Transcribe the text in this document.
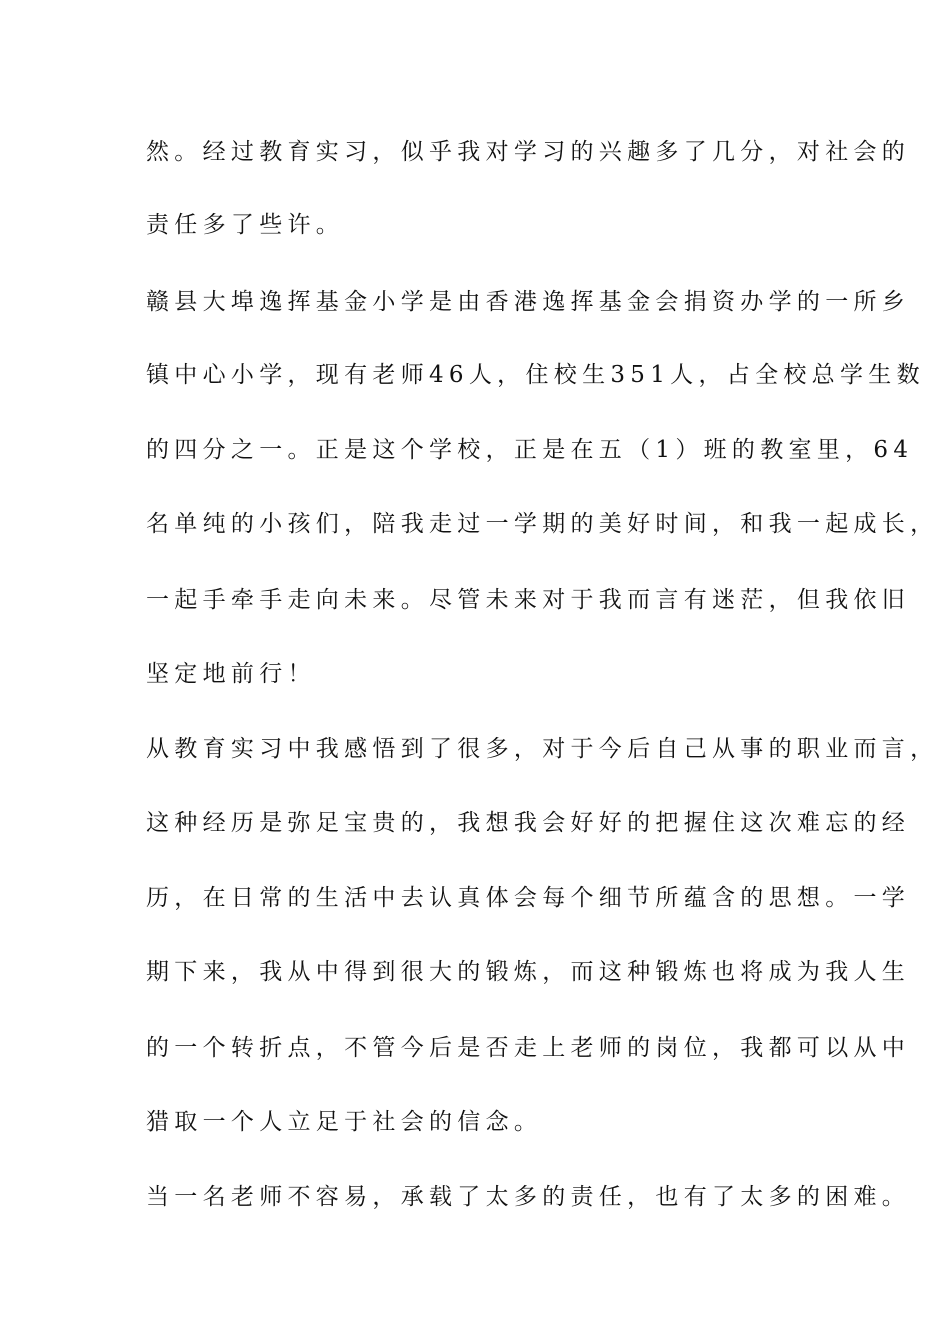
然。经过教育实习，似乎我对学习的兴趣多了几分，对社会的
责任多了些许。
赣县大埠逸挥基金小学是由香港逸挥基金会捐资办学的一所乡
镇中心小学，现有老师46人，住校生351人，占全校总学生数
的四分之一。正是这个学校，正是在五（1）班的教室里，64
名单纯的小孩们，陪我走过一学期的美好时间，和我一起成长，
一起手牵手走向未来。尽管未来对于我而言有迷茫，但我依旧
坚定地前行！
从教育实习中我感悟到了很多，对于今后自己从事的职业而言，
这种经历是弥足宝贵的，我想我会好好的把握住这次难忘的经
历，在日常的生活中去认真体会每个细节所蕴含的思想。一学
期下来，我从中得到很大的锻炼，而这种锻炼也将成为我人生
的一个转折点，不管今后是否走上老师的岗位，我都可以从中
猎取一个人立足于社会的信念。
当一名老师不容易，承载了太多的责任，也有了太多的困难。
